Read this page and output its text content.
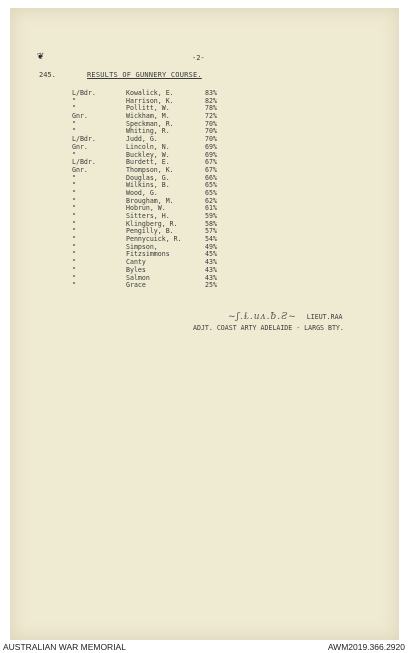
❦	-2-
245.	RESULTS OF GUNNERY COURSE.
L/Bdr.	Kowalick, E.	83%
"	Harrison, K.	82%
"	Pollitt, W.	78%
Gnr.	Wickham, M.	72%
"	Speckman, R.	70%
"	Whiting, R.	70%
L/Bdr.	Judd, G.	70%
Gnr.	Lincoln, N.	69%
"	Buckley, W.	69%
L/Bdr.	Burdett, E.	67%
Gnr.	Thompson, K.	67%
"	Douglas, G.	66%
"	Wilkins, B.	65%
"	Wood, G.	65%
"	Brougham, M.	62%
"	Hobrun, W.	61%
"	Sitters, H.	59%
"	Klingberg, R.	58%
"	Pengilly, B.	57%
"	Pennycuick, R.	54%
"	Simpson,	49%
"	Fitzsimmons	45%
"	Canty	43%
"	Byles	43%
"	Salmon	43%
"	Grace	25%
~ʃ.Ɫ.uᴧ.ƀ.Ƨ~ LIEUT.RAA
ADJT. COAST ARTY ADELAIDE - LARGS BTY.
AUSTRALIAN WAR MEMORIAL	AWM2019.366.2920
